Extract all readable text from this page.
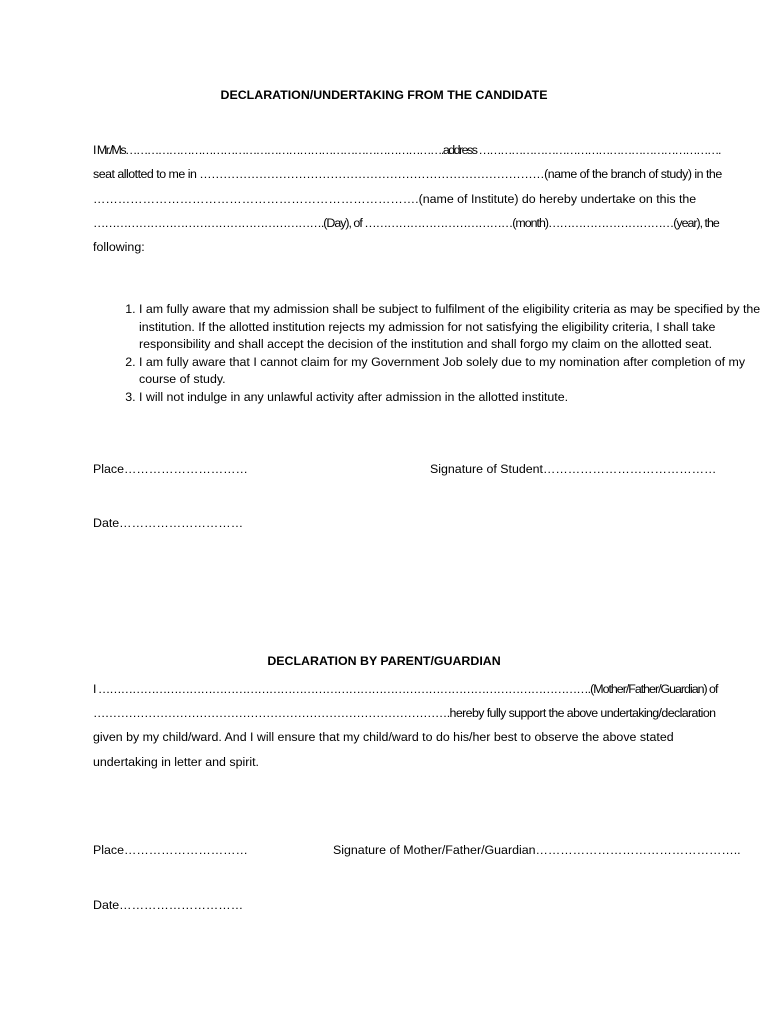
DECLARATION/UNDERTAKING FROM THE CANDIDATE
I Mr./Ms…………………………………………………………………………….address ………………………………………………………….
seat allotted to me in ……………………………………………………………………………(name of the branch of study) in the
…………………………………………………………………….(name of Institute) do hereby undertake on this the
…………………………………………………….(Day), of …………………………………(month)……………………………(year), the
following:
1. I am fully aware that my admission shall be subject to fulfilment of the eligibility criteria as may be specified by the institution. If the allotted institution rejects my admission for not satisfying the eligibility criteria, I shall take responsibility and shall accept the decision of the institution and shall forgo my claim on the allotted seat.
2. I am fully aware that I cannot claim for my Government Job solely due to my nomination after completion of my course of study.
3. I will not indulge in any unlawful activity after admission in the allotted institute.
Place…………………………	Signature of Student……………………………………
Date…………………………
DECLARATION BY PARENT/GUARDIAN
I ………………………………………………………………………………………………………………….(Mother/Father/Guardian) of
……………………………………………………………………………….hereby fully support the above undertaking/declaration
given by my child/ward. And I will ensure that my child/ward to do his/her best to observe the above stated
undertaking in letter and spirit.
Place…………………………	Signature of Mother/Father/Guardian…………………………………………..
Date…………………………
